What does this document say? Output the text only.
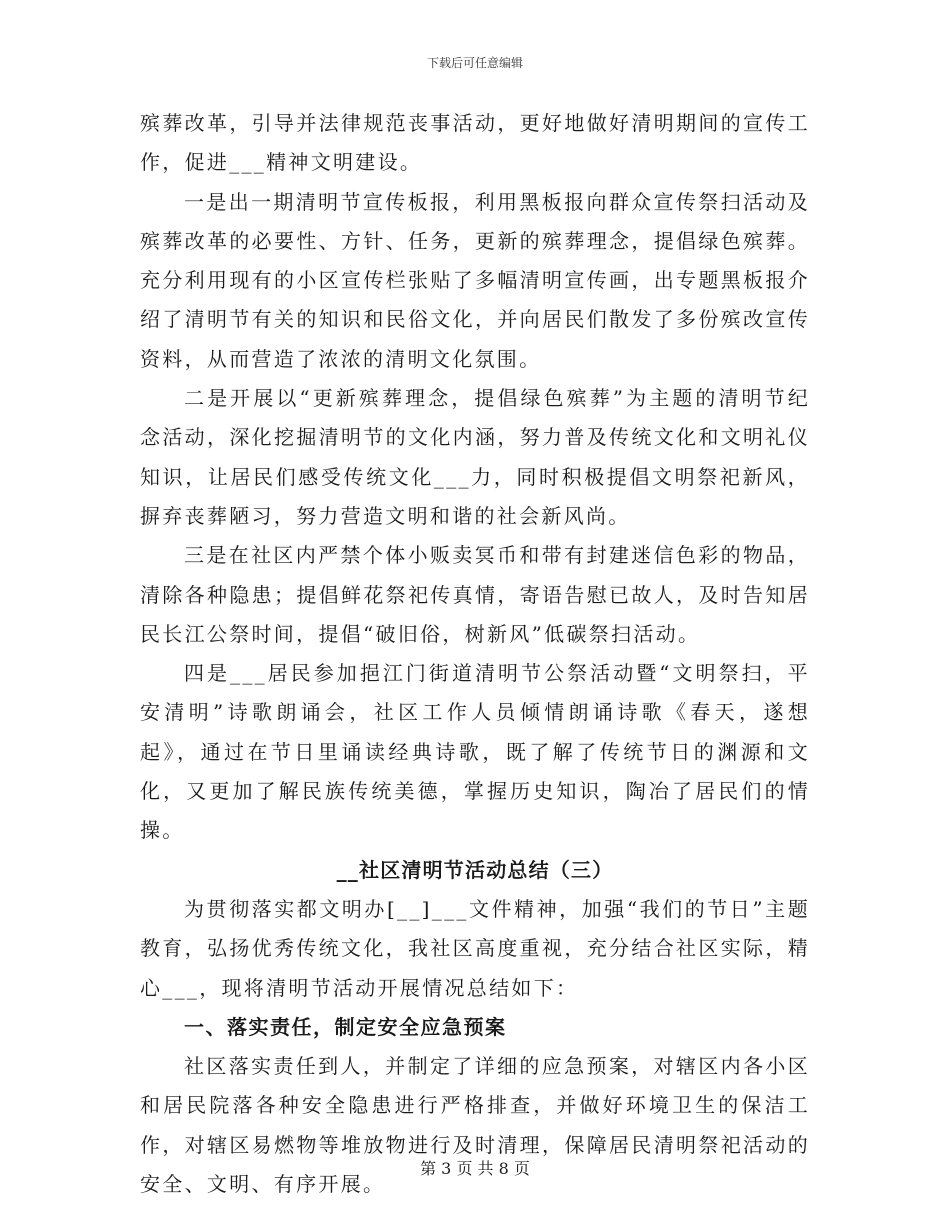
下载后可任意编辑

殡葬改革，引导并法律规范丧事活动，更好地做好清明期间的宣传工作，促进___精神文明建设。

一是出一期清明节宣传板报，利用黑板报向群众宣传祭扫活动及殡葬改革的必要性、方针、任务，更新的殡葬理念，提倡绿色殡葬。充分利用现有的小区宣传栏张贴了多幅清明宣传画，出专题黑板报介绍了清明节有关的知识和民俗文化，并向居民们散发了多份殡改宣传资料，从而营造了浓浓的清明文化氛围。

二是开展以“更新殡葬理念，提倡绿色殡葬”为主题的清明节纪念活动，深化挖掘清明节的文化内涵，努力普及传统文化和文明礼仪知识，让居民们感受传统文化___力，同时积极提倡文明祭祀新风，摒弃丧葬陋习，努力营造文明和谐的社会新风尚。

三是在社区内严禁个体小贩卖冥币和带有封建迷信色彩的物品，清除各种隐患；提倡鲜花祭祀传真情，寄语告慰已故人，及时告知居民长江公祭时间，提倡“破旧俗，树新风”低碳祭扫活动。

四是___居民参加挹江门街道清明节公祭活动暨“文明祭扫，平安清明”诗歌朗诵会，社区工作人员倾情朗诵诗歌《春天，遂想起》，通过在节日里诵读经典诗歌，既了解了传统节日的渊源和文化，又更加了解民族传统美德，掌握历史知识，陶冶了居民们的情操。

__社区清明节活动总结（三）

为贯彻落实都文明办[__]___文件精神，加强“我们的节日”主题教育，弘扬优秀传统文化，我社区高度重视，充分结合社区实际，精心___，现将清明节活动开展情况总结如下：

一、落实责任，制定安全应急预案

社区落实责任到人，并制定了详细的应急预案，对辖区内各小区和居民院落各种安全隐患进行严格排查，并做好环境卫生的保洁工作，对辖区易燃物等堆放物进行及时清理，保障居民清明祭祀活动的安全、文明、有序开展。

第 3 页 共 8 页
